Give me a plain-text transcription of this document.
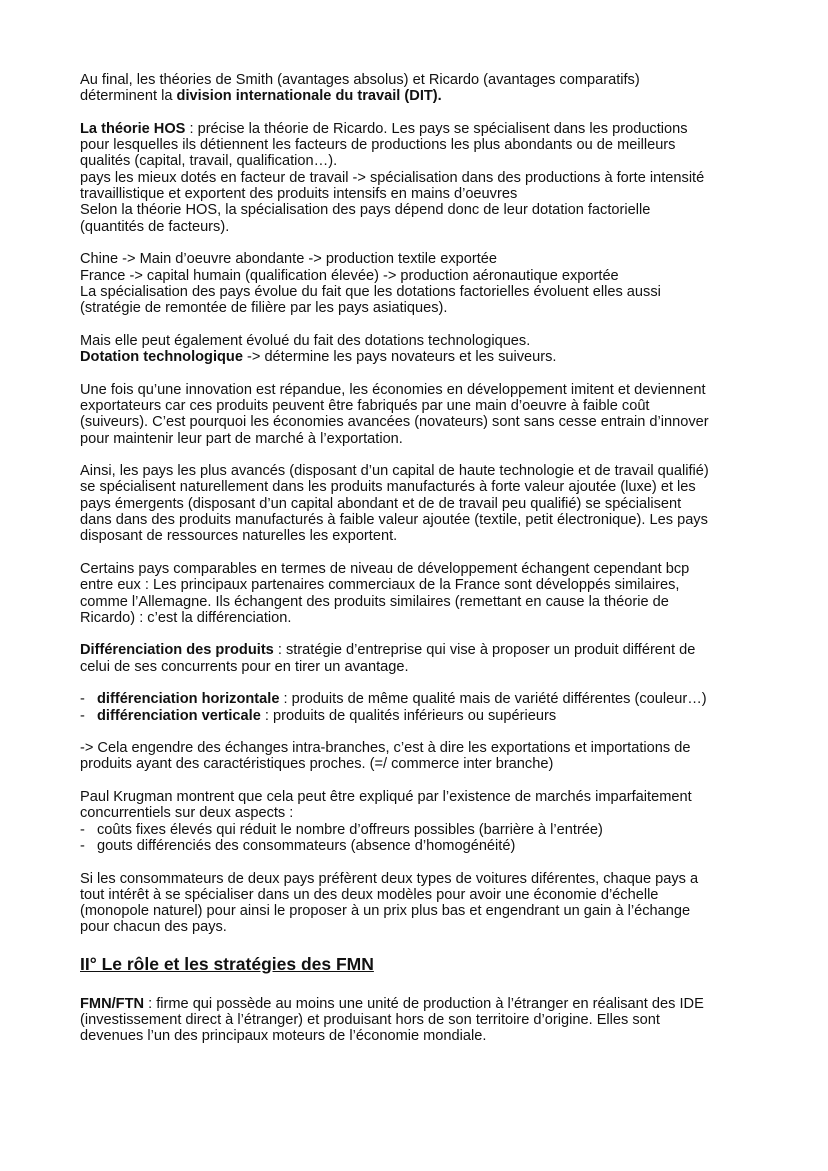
Au final, les théories de Smith (avantages absolus) et Ricardo (avantages comparatifs)
déterminent la division internationale du travail (DIT).
La théorie HOS : précise la théorie de Ricardo. Les pays se spécialisent dans les productions
pour lesquelles ils détiennent les facteurs de productions les plus abondants ou de meilleurs
qualités (capital, travail, qualification…).
pays les mieux dotés en facteur de travail -> spécialisation dans des productions à forte intensité
travaillistique et exportent des produits intensifs en mains d’oeuvres
Selon la théorie HOS, la spécialisation des pays dépend donc de leur dotation factorielle
(quantités de facteurs).
Chine -> Main d’oeuvre abondante -> production textile exportée
France -> capital humain (qualification élevée) -> production aéronautique exportée
La spécialisation des pays évolue du fait que les dotations factorielles évoluent elles aussi
(stratégie de remontée de filière par les pays asiatiques).
Mais elle peut également évolué du fait des dotations technologiques.
Dotation technologique -> détermine les pays novateurs et les suiveurs.
Une fois qu’une innovation est répandue, les économies en développement imitent et deviennent
exportateurs car ces produits peuvent être fabriqués par une main d’oeuvre à faible coût
(suiveurs). C’est pourquoi les économies avancées (novateurs) sont sans cesse entrain d’innover
pour maintenir leur part de marché à l’exportation.
Ainsi, les pays les plus avancés (disposant d’un capital de haute technologie et de travail qualifié)
se spécialisent naturellement dans les produits manufacturés à forte valeur ajoutée (luxe) et les
pays émergents (disposant d’un capital abondant et de de travail peu qualifié) se spécialisent
dans dans des produits manufacturés à faible valeur ajoutée (textile, petit électronique). Les pays
disposant de ressources naturelles les exportent.
Certains pays comparables en termes de niveau de développement échangent cependant bcp
entre eux : Les principaux partenaires commerciaux de la France sont développés similaires,
comme l’Allemagne. Ils échangent des produits similaires (remettant en cause la théorie de
Ricardo) : c’est la différenciation.
Différenciation des produits : stratégie d’entreprise qui vise à proposer un produit différent de
celui de ses concurrents pour en tirer un avantage.
- différenciation horizontale : produits de même qualité mais de variété différentes (couleur…)
- différenciation verticale : produits de qualités inférieurs ou supérieurs
-> Cela engendre des échanges intra-branches, c’est à dire les exportations et importations de
produits ayant des caractéristiques proches. (=/ commerce inter branche)
Paul Krugman montrent que cela peut être expliqué par l’existence de marchés imparfaitement
concurrentiels sur deux aspects :
- coûts fixes élevés qui réduit le nombre d’offreurs possibles (barrière à l’entrée)
- gouts différenciés des consommateurs (absence d’homogénéité)
Si les consommateurs de deux pays préfèrent deux types de voitures diférentes, chaque pays a
tout intérêt à se spécialiser dans un des deux modèles pour avoir une économie d’échelle
(monopole naturel) pour ainsi le proposer à un prix plus bas et engendrant un gain à l’échange
pour chacun des pays.
II° Le rôle et les stratégies des FMN
FMN/FTN : firme qui possède au moins une unité de production à l’étranger en réalisant des IDE
(investissement direct à l’étranger) et produisant hors de son territoire d’origine. Elles sont
devenues l’un des principaux moteurs de l’économie mondiale.
